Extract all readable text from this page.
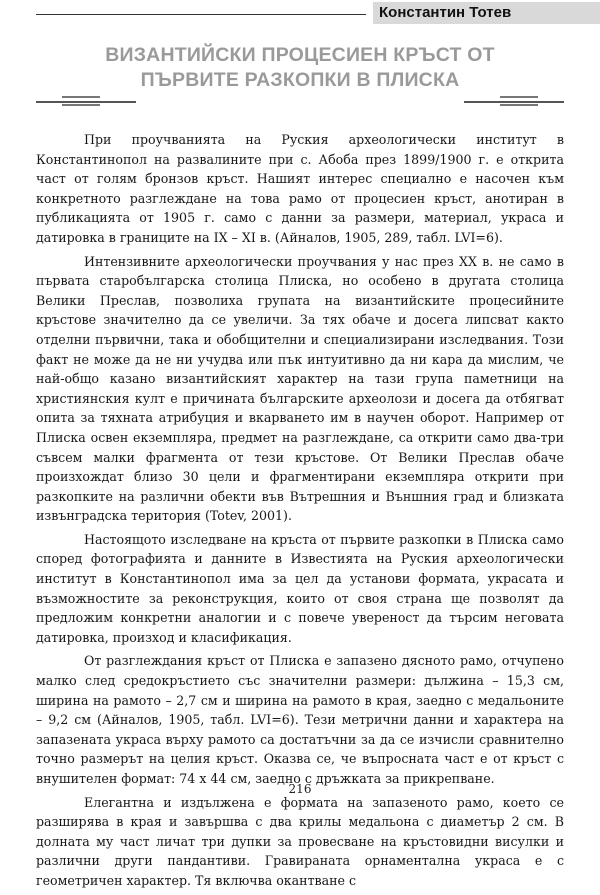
Константин Тотев
ВИЗАНТИЙСКИ ПРОЦЕСИЕН КРЪСТ ОТ
ПЪРВИТЕ РАЗКОПКИ В ПЛИСКА

При проучванията на Руския археологически институт в Константинопол на развалините при с. Абоба през 1899/1900 г. е открита част от голям бронзов кръст. Нашият интерес специално е насочен към конкретното разглеждане на това рамо от процесиен кръст, анотиран в публикацията от 1905 г. само с данни за размери, материал, украса и датировка в границите на IX – XI в. (Айналов, 1905, 289, табл. LVI=6).

Интензивните археологически проучвания у нас през XX в. не само в първата старобългарска столица Плиска, но особено в другата столица Велики Преслав, позволиха групата на византийските процесийните кръстове значително да се увеличи. За тях обаче и досега липсват както отделни първични, така и обобщителни и специализирани изследвания. Този факт не може да не ни учудва или пък интуитивно да ни кара да мислим, че най-общо казано византийският характер на тази група паметници на християнския култ е причината българските археолози и досега да отбягват опита за тяхната атрибуция и вкарването им в научен оборот. Например от Плиска освен екземпляра, предмет на разглеждане, са открити само два-три съвсем малки фрагмента от тези кръстове. От Велики Преслав обаче произхождат близо 30 цели и фрагментирани екземпляра открити при разкопките на различни обекти във Вътрешния и Външния град и близката извънградска територия (Totev, 2001).

Настоящото изследване на кръста от първите разкопки в Плиска само според фотографията и данните в Известията на Руския археологически институт в Константинопол има за цел да установи формата, украсата и възможностите за реконструкция, които от своя страна ще позволят да предложим конкретни аналогии и с повече увереност да търсим неговата датировка, произход и класификация.

От разглеждания кръст от Плиска е запазено дясното рамо, отчупено малко след средокръстието със значителни размери: дължина – 15,3 см, ширина на рамото – 2,7 см и ширина на рамото в края, заедно с медальоните – 9,2 см (Айналов, 1905, табл. LVI=6). Тези метрични данни и характера на запазената украса върху рамото са достатъчни за да се изчисли сравнително точно размерът на целия кръст. Оказва се, че въпросната част е от кръст с внушителен формат: 74 х 44 см, заедно с дръжката за прикрепване.

Елегантна и издължена е формата на запазеното рамо, което се разширява в края и завършва с два крилы медальона с диаметър 2 см. В долната му част личат три дупки за провесване на кръстовидни висулки и различни други пандантиви. Гравираната орнаментална украса е с геометричен характер. Тя включва окантване с

216
